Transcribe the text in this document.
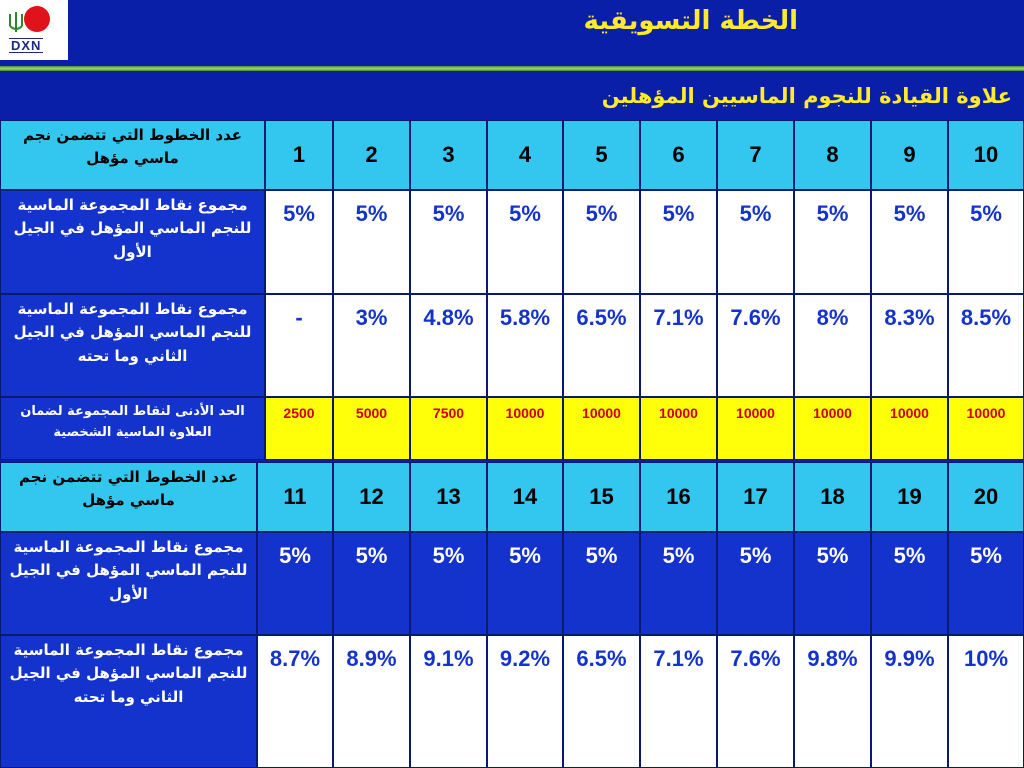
DXN
الخطة التسويقية
علاوة القيادة للنجوم الماسيين المؤهلين
عدد الخطوط التي تتضمن نجم ماسي مؤهل	1	2	3	4	5	6	7	8	9	10
مجموع نقاط المجموعة الماسية للنجم الماسي المؤهل في الجيل الأول
5%	5%	5%	5%	5%	5%	5%	5%	5%	5%
مجموع نقاط المجموعة الماسية للنجم الماسي المؤهل في الجيل الثاني وما تحته
-	3%	4.8%	5.8%	6.5%	7.1%	7.6%	8%	8.3%	8.5%
الحد الأدنى لنقاط المجموعة لضمان العلاوة الماسية الشخصية
2500	5000	7500	10000	10000	10000	10000	10000	10000	10000
عدد الخطوط التي تتضمن نجم ماسي مؤهل	11	12	13	14	15	16	17	18	19	20
مجموع نقاط المجموعة الماسية للنجم الماسي المؤهل في الجيل الأول
5%	5%	5%	5%	5%	5%	5%	5%	5%	5%
مجموع نقاط المجموعة الماسية للنجم الماسي المؤهل في الجيل الثاني وما تحته
8.7%	8.9%	9.1%	9.2%	6.5%	7.1%	7.6%	9.8%	9.9%	10%
